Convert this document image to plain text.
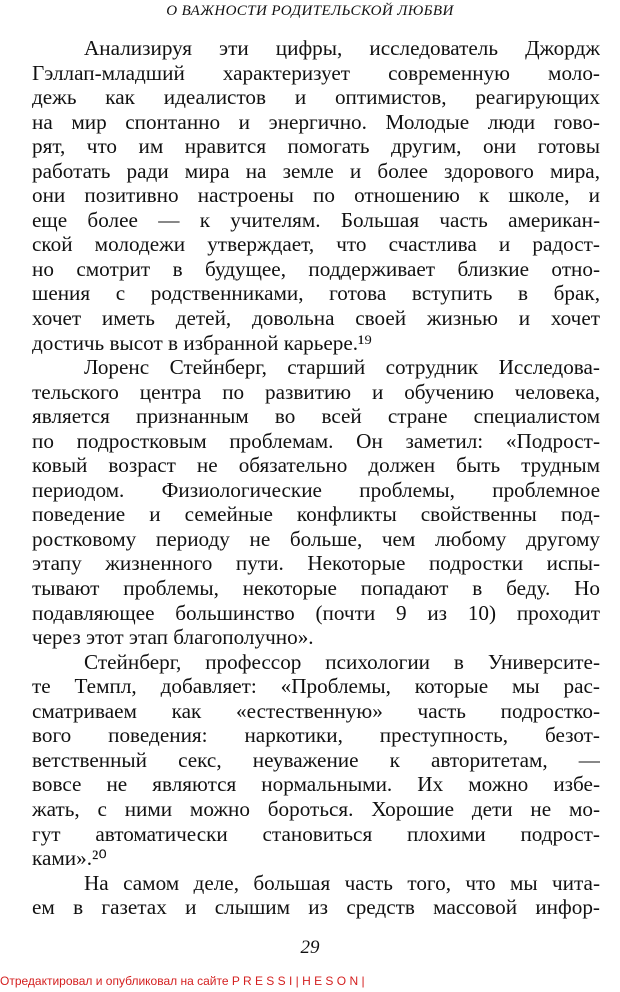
О ВАЖНОСТИ РОДИТЕЛЬСКОЙ ЛЮБВИ
Анализируя эти цифры, исследователь Джордж
Гэллап-младший характеризует современную моло-
дежь как идеалистов и оптимистов, реагирующих
на мир спонтанно и энергично. Молодые люди гово-
рят, что им нравится помогать другим, они готовы
работать ради мира на земле и более здорового мира,
они позитивно настроены по отношению к школе, и
еще более — к учителям. Большая часть американ-
ской молодежи утверждает, что счастлива и радост-
но смотрит в будущее, поддерживает близкие отно-
шения с родственниками, готова вступить в брак,
хочет иметь детей, довольна своей жизнью и хочет
достичь высот в избранной карьере.¹⁹
Лоренс Стейнберг, старший сотрудник Исследова-
тельского центра по развитию и обучению человека,
является признанным во всей стране специалистом
по подростковым проблемам. Он заметил: «Подрост-
ковый возраст не обязательно должен быть трудным
периодом. Физиологические проблемы, проблемное
поведение и семейные конфликты свойственны под-
ростковому периоду не больше, чем любому другому
этапу жизненного пути. Некоторые подростки испы-
тывают проблемы, некоторые попадают в беду. Но
подавляющее большинство (почти 9 из 10) проходит
через этот этап благополучно».
Стейнберг, профессор психологии в Университе-
те Темпл, добавляет: «Проблемы, которые мы рас-
сматриваем как «естественную» часть подростко-
вого поведения: наркотики, преступность, безот-
ветственный секс, неуважение к авторитетам, —
вовсе не являются нормальными. Их можно избе-
жать, с ними можно бороться. Хорошие дети не мо-
гут автоматически становиться плохими подрост-
ками».²⁰
На самом деле, большая часть того, что мы чита-
ем в газетах и слышим из средств массовой инфор-
29
Отредактировал и опубликовал на сайте P R E S S I | H E S O N |
